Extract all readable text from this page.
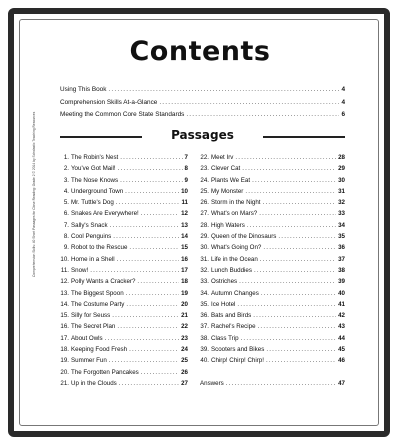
Comprehension Skills: 40 Short Passages for Close Reading: Grade 2 © 2014 by Scholastic Teaching Resources
Contents
Using This Book .....	4
Comprehension Skills At-a-Glance .....	4
Meeting the Common Core State Standards .....	6
Passages
1. The Robin's Nest .....	7
2. You've Got Mail! .....	8
3. The Nose Knows .....	9
4. Underground Town .....	10
5. Mr. Tuttle's Dog .....	11
6. Snakes Are Everywhere! .....	12
7. Sally's Snack .....	13
8. Cool Penguins .....	14
9. Robot to the Rescue .....	15
10. Home in a Shell .....	16
11. Snow! .....	17
12. Polly Wants a Cracker? .....	18
13. The Biggest Spoon .....	19
14. The Costume Party .....	20
15. Silly for Seuss .....	21
16. The Secret Plan .....	22
17. About Owls .....	23
18. Keeping Food Fresh .....	24
19. Summer Fun .....	25
20. The Forgotten Pancakes .....	26
21. Up in the Clouds .....	27
22. Meet Irv .....	28
23. Clever Cat .....	29
24. Plants We Eat .....	30
25. My Monster .....	31
26. Storm in the Night .....	32
27. What's on Mars? .....	33
28. High Waters .....	34
29. Queen of the Dinosaurs .....	35
30. What's Going On? .....	36
31. Life in the Ocean .....	37
32. Lunch Buddies .....	38
33. Ostriches .....	39
34. Autumn Changes .....	40
35. Ice Hotel .....	41
36. Bats and Birds .....	42
37. Rachel's Recipe .....	43
38. Class Trip .....	44
39. Scooters and Bikes .....	45
40. Chirp! Chirp! Chirp! .....	46
Answers .....	47
